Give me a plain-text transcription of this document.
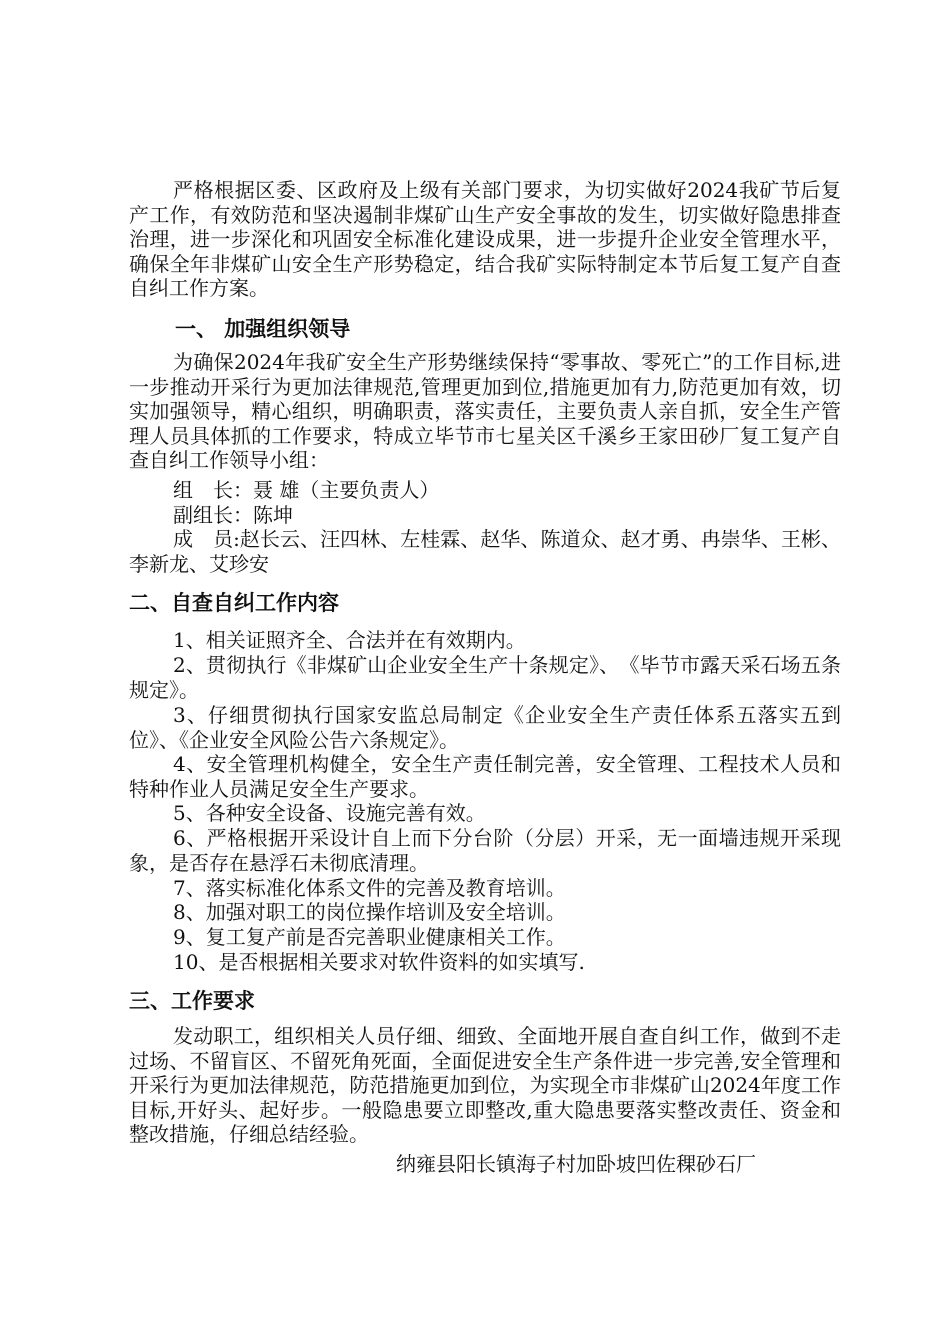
严格根据区委、区政府及上级有关部门要求，为切实做好2024我矿节后复产工作，有效防范和坚决遏制非煤矿山生产安全事故的发生，切实做好隐患排查治理，进一步深化和巩固安全标准化建设成果，进一步提升企业安全管理水平，确保全年非煤矿山安全生产形势稳定，结合我矿实际特制定本节后复工复产自查自纠工作方案。

一、 加强组织领导

为确保2024年我矿安全生产形势继续保持“零事故、零死亡”的工作目标,进一步推动开采行为更加法律规范,管理更加到位,措施更加有力,防范更加有效，切实加强领导，精心组织，明确职责，落实责任，主要负责人亲自抓，安全生产管理人员具体抓的工作要求，特成立毕节市七星关区千溪乡王家田砂厂复工复产自查自纠工作领导小组：

组　长：聂 雄（主要负责人）

副组长：陈坤

成　员:赵长云、汪四林、左桂霖、赵华、陈道众、赵才勇、冉崇华、王彬、李新龙、艾珍安

二、自查自纠工作内容

1、相关证照齐全、合法并在有效期内。

2、贯彻执行《非煤矿山企业安全生产十条规定》、　《毕节市露天采石场五条规定》。

3、仔细贯彻执行国家安监总局制定《企业安全生产责任体系五落实五到位》、《企业安全风险公告六条规定》。

4、安全管理机构健全，安全生产责任制完善，安全管理、工程技术人员和特种作业人员满足安全生产要求。

5、各种安全设备、设施完善有效。

6、严格根据开采设计自上而下分台阶（分层）开采，无一面墙违规开采现象，是否存在悬浮石未彻底清理。

7、落实标准化体系文件的完善及教育培训。

8、加强对职工的岗位操作培训及安全培训。

9、复工复产前是否完善职业健康相关工作。

10、是否根据相关要求对软件资料的如实填写.

三、工作要求

发动职工，组织相关人员仔细、细致、全面地开展自查自纠工作，做到不走过场、不留盲区、不留死角死面，全面促进安全生产条件进一步完善,安全管理和开采行为更加法律规范，防范措施更加到位，为实现全市非煤矿山2024年度工作目标,开好头、起好步。一般隐患要立即整改,重大隐患要落实整改责任、资金和整改措施，仔细总结经验。

纳雍县阳长镇海子村加卧坡凹佐稞砂石厂
